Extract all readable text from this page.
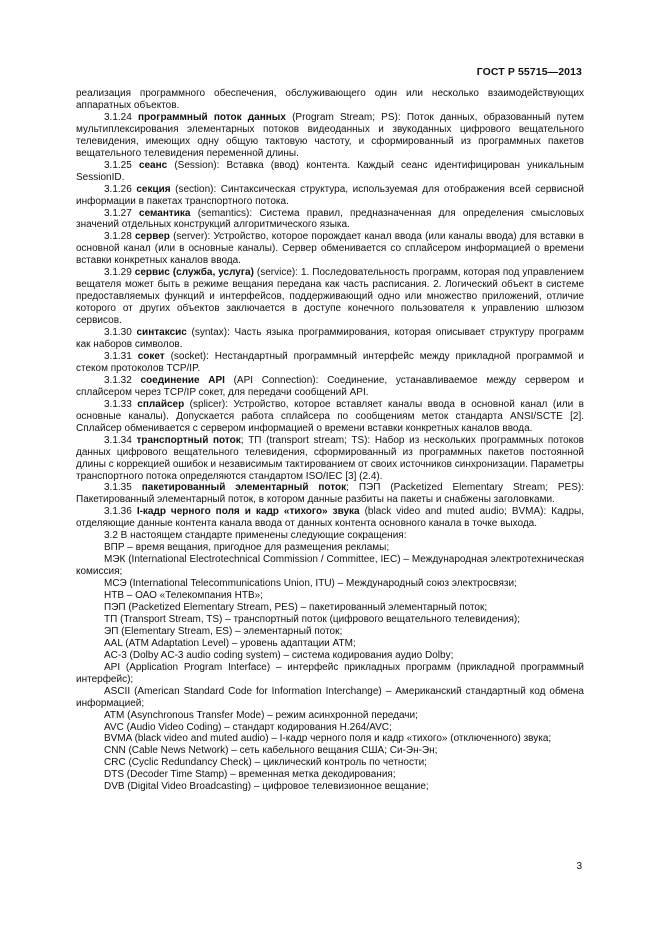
ГОСТ Р 55715—2013

реализация программного обеспечения, обслуживающего один или несколько взаимодействующих аппаратных объектов.

3.1.24 программный поток данных (Program Stream; PS): Поток данных, образованный путем мультиплексирования элементарных потоков видеоданных и звукоданных цифрового вещательного телевидения, имеющих одну общую тактовую частоту, и сформированный из программных пакетов вещательного телевидения переменной длины.

3.1.25 сеанс (Session): Вставка (ввод) контента. Каждый сеанс идентифицирован уникальным SessionID.

3.1.26 секция (section): Синтаксическая структура, используемая для отображения всей сервисной информации в пакетах транспортного потока.

3.1.27 семантика (semantics): Система правил, предназначенная для определения смысловых значений отдельных конструкций алгоритмического языка.

3.1.28 сервер (server): Устройство, которое порождает канал ввода (или каналы ввода) для вставки в основной канал (или в основные каналы). Сервер обменивается со сплайсером информацией о времени вставки конкретных каналов ввода.

3.1.29 сервис (служба, услуга) (service): 1. Последовательность программ, которая под управлением вещателя может быть в режиме вещания передана как часть расписания. 2. Логический объект в системе предоставляемых функций и интерфейсов, поддерживающий одно или множество приложений, отличие которого от других объектов заключается в доступе конечного пользователя к управлению шлюзом сервисов.

3.1.30 синтаксис (syntax): Часть языка программирования, которая описывает структуру программ как наборов символов.

3.1.31 сокет (socket): Нестандартный программный интерфейс между прикладной программой и стеком протоколов TCP/IP.

3.1.32 соединение API (API Connection): Соединение, устанавливаемое между сервером и сплайсером через TCP/IP сокет, для передачи сообщений API.

3.1.33 сплайсер (splicer): Устройство, которое вставляет каналы ввода в основной канал (или в основные каналы). Допускается работа сплайсера по сообщениям меток стандарта ANSI/SCTE [2]. Сплайсер обменивается с сервером информацией о времени вставки конкретных каналов ввода.

3.1.34 транспортный поток; ТП (transport stream; TS): Набор из нескольких программных потоков данных цифрового вещательного телевидения, сформированный из программных пакетов постоянной длины с коррекцией ошибок и независимым тактированием от своих источников синхронизации. Параметры транспортного потока определяются стандартом ISO/IEC [3] (2.4).

3.1.35 пакетированный элементарный поток; ПЭП (Packetized Elementary Stream; PES): Пакетированный элементарный поток, в котором данные разбиты на пакеты и снабжены заголовками.

3.1.36 I-кадр черного поля и кадр «тихого» звука (black video and muted audio; BVMA): Кадры, отделяющие данные контента канала ввода от данных контента основного канала в точке выхода.

3.2 В настоящем стандарте применены следующие сокращения:

ВПР – время вещания, пригодное для размещения рекламы;

МЭК (International Electrotechnical Commission / Committee, IEC) – Международная электротехническая комиссия;

МСЭ (International Telecommunications Union, ITU) – Международный союз электросвязи;

НТВ – ОАО «Телекомпания НТВ»;

ПЭП (Packetized Elementary Stream, PES) – пакетированный элементарный поток;

ТП (Transport Stream, TS) – транспортный поток (цифрового вещательного телевидения);

ЭП (Elementary Stream, ES) – элементарный поток;

AAL (ATM Adaptation Level) – уровень адаптации ATM;

AC-3 (Dolby AC-3 audio coding system) – система кодирования аудио Dolby;

API (Application Program Interface) – интерфейс прикладных программ (прикладной программный интерфейс);

ASCII (American Standard Code for Information Interchange) – Американский стандартный код обмена информацией;

ATM (Asynchronous Transfer Mode) – режим асинхронной передачи;

AVC (Audio Video Coding) – стандарт кодирования H.264/AVC;

BVMA (black video and muted audio) – I-кадр черного поля и кадр «тихого» (отключенного) звука;

CNN (Cable News Network) – сеть кабельного вещания США; Си-Эн-Эн;

CRC (Cyclic Redundancy Check) – циклический контроль по четности;

DTS (Decoder Time Stamp) – временная метка декодирования;

DVB (Digital Video Broadcasting) – цифровое телевизионное вещание;

3
